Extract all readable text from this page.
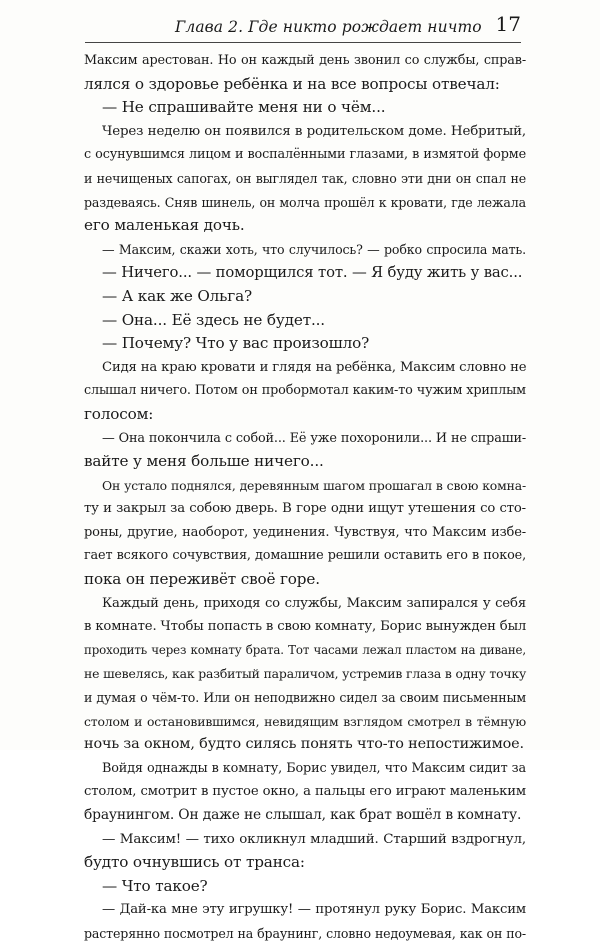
Глава 2. Где никто рождает ничто 17
Максим арестован. Но он каждый день звонил со службы, справ-
лялся о здоровье ребёнка и на все вопросы отвечал:
— Не спрашивайте меня ни о чём...
Через неделю он появился в родительском доме. Небритый,
с осунувшимся лицом и воспалёнными глазами, в измятой форме
и нечищеных сапогах, он выглядел так, словно эти дни он спал не
раздеваясь. Сняв шинель, он молча прошёл к кровати, где лежала
его маленькая дочь.
— Максим, скажи хоть, что случилось? — робко спросила мать.
— Ничего... — поморщился тот. — Я буду жить у вас...
— А как же Ольга?
— Она... Её здесь не будет...
— Почему? Что у вас произошло?
Сидя на краю кровати и глядя на ребёнка, Максим словно не
слышал ничего. Потом он пробормотал каким-то чужим хриплым
голосом:
— Она покончила с собой... Её уже похоронили... И не спраши-
вайте у меня больше ничего...
Он устало поднялся, деревянным шагом прошагал в свою комна-
ту и закрыл за собою дверь. В горе одни ищут утешения со сто-
роны, другие, наоборот, уединения. Чувствуя, что Максим избе-
гает всякого сочувствия, домашние решили оставить его в покое,
пока он переживёт своё горе.
Каждый день, приходя со службы, Максим запирался у себя
в комнате. Чтобы попасть в свою комнату, Борис вынужден был
проходить через комнату брата. Тот часами лежал пластом на диване,
не шевелясь, как разбитый параличом, устремив глаза в одну точку
и думая о чём-то. Или он неподвижно сидел за своим письменным
столом и остановившимся, невидящим взглядом смотрел в тёмную
ночь за окном, будто силясь понять что-то непостижимое.
Войдя однажды в комнату, Борис увидел, что Максим сидит за
столом, смотрит в пустое окно, а пальцы его играют маленьким
браунингом. Он даже не слышал, как брат вошёл в комнату.
— Максим! — тихо окликнул младший. Старший вздрогнул,
будто очнувшись от транса:
— Что такое?
— Дай-ка мне эту игрушку! — протянул руку Борис. Максим
растерянно посмотрел на браунинг, словно недоумевая, как он по-
